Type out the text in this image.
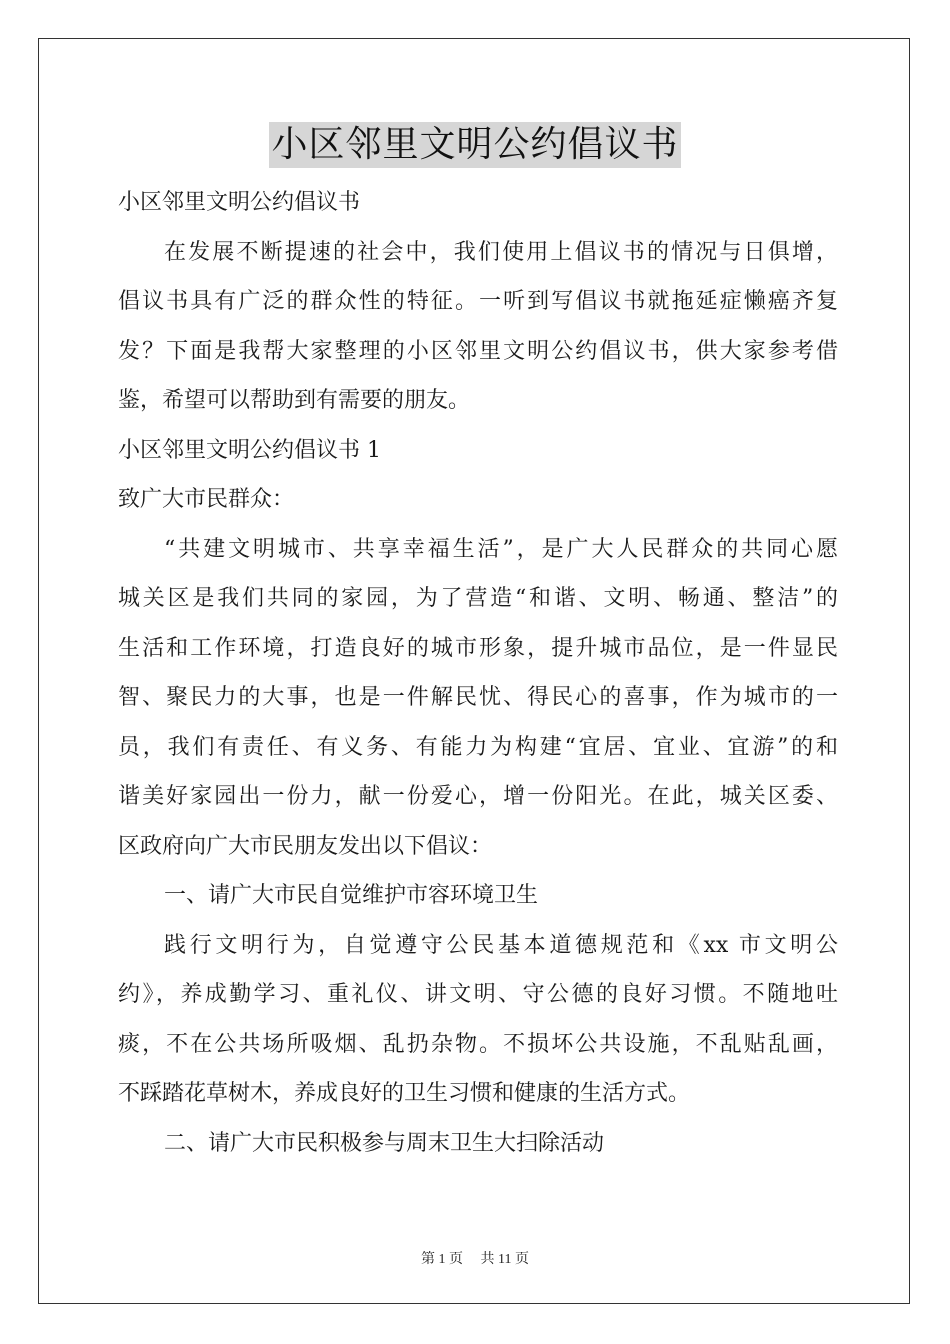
小区邻里文明公约倡议书
小区邻里文明公约倡议书
在发展不断提速的社会中，我们使用上倡议书的情况与日俱增，
倡议书具有广泛的群众性的特征。一听到写倡议书就拖延症懒癌齐复
发？下面是我帮大家整理的小区邻里文明公约倡议书，供大家参考借
鉴，希望可以帮助到有需要的朋友。
小区邻里文明公约倡议书 1
致广大市民群众：
“共建文明城市、共享幸福生活”，是广大人民群众的共同心愿
城关区是我们共同的家园，为了营造“和谐、文明、畅通、整洁”的
生活和工作环境，打造良好的城市形象，提升城市品位，是一件显民
智、聚民力的大事，也是一件解民忧、得民心的喜事，作为城市的一
员，我们有责任、有义务、有能力为构建“宜居、宜业、宜游”的和
谐美好家园出一份力，献一份爱心，增一份阳光。在此，城关区委、
区政府向广大市民朋友发出以下倡议：
一、请广大市民自觉维护市容环境卫生
践行文明行为，自觉遵守公民基本道德规范和《xx 市文明公
约》，养成勤学习、重礼仪、讲文明、守公德的良好习惯。不随地吐
痰，不在公共场所吸烟、乱扔杂物。不损坏公共设施，不乱贴乱画，
不踩踏花草树木，养成良好的卫生习惯和健康的生活方式。
二、请广大市民积极参与周末卫生大扫除活动
第 1 页 共 11 页
